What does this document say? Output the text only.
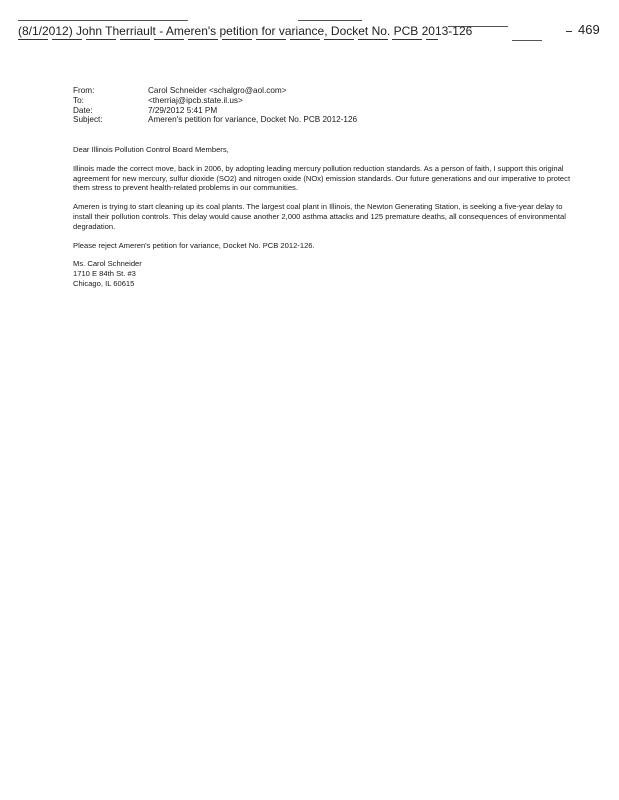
(8/1/2012) John Therriault - Ameren's petition for variance, Docket No. PCB 2013-126	469
From:	Carol Schneider <schalgro@aol.com>
To:	<therriaj@ipcb.state.il.us>
Date:	7/29/2012 5:41 PM
Subject:	Ameren's petition for variance, Docket No. PCB 2012-126

Dear Illinois Pollution Control Board Members,

Illinois made the correct move, back in 2006, by adopting leading mercury pollution reduction standards. As a person of faith, I support this original agreement for new mercury, sulfur dioxide (SO2) and nitrogen oxide (NOx) emission standards. Our future generations and our imperative to protect them stress to prevent health-related problems in our communities.

Ameren is trying to start cleaning up its coal plants. The largest coal plant in Illinois, the Newton Generating Station, is seeking a five-year delay to install their pollution controls. This delay would cause another 2,000 asthma attacks and 125 premature deaths, all consequences of environmental degradation.

Please reject Ameren's petition for variance, Docket No. PCB 2012-126.

Ms. Carol Schneider
1710 E 84th St. #3
Chicago, IL 60615
